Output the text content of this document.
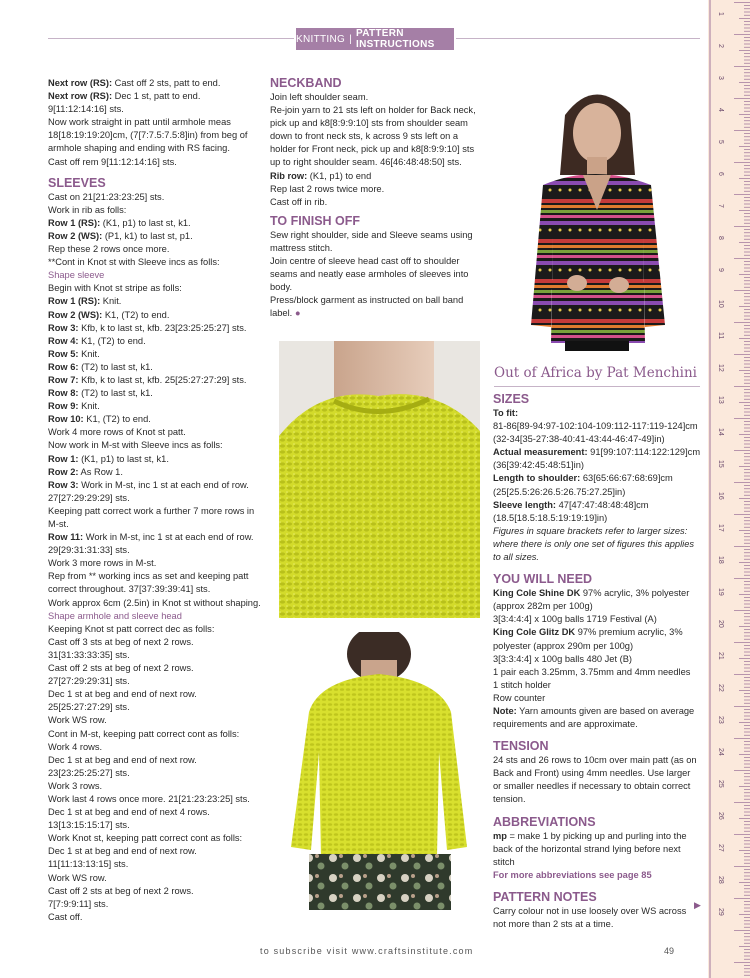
KNITTING | PATTERN INSTRUCTIONS

Next row (RS): Cast off 2 sts, patt to end.

Next row (RS): Dec 1 st, patt to end.

9[11:12:14:16] sts.

Now work straight in patt until armhole meas 18[18:19:19:20]cm, (7[7:7.5:7.5:8]in) from beg of armhole shaping and ending with RS facing.

Cast off rem 9[11:12:14:16] sts.

SLEEVES

Cast on 21[21:23:23:25] sts.

Work in rib as folls:

Row 1 (RS): (K1, p1) to last st, k1.

Row 2 (WS): (P1, k1) to last st, p1.

Rep these 2 rows once more.

**Cont in Knot st with Sleeve incs as folls:

Shape sleeve

Begin with Knot st stripe as folls:

Row 1 (RS): Knit.

Row 2 (WS): K1, (T2) to end.

Row 3: Kfb, k to last st, kfb. 23[23:25:25:27] sts.

Row 4: K1, (T2) to end.

Row 5: Knit.

Row 6: (T2) to last st, k1.

Row 7: Kfb, k to last st, kfb. 25[25:27:27:29] sts.

Row 8: (T2) to last st, k1.

Row 9: Knit.

Row 10: K1, (T2) to end.

Work 4 more rows of Knot st patt.

Now work in M-st with Sleeve incs as folls:

Row 1: (K1, p1) to last st, k1.

Row 2: As Row 1.

Row 3: Work in M-st, inc 1 st at each end of row. 27[27:29:29:29] sts.

Keeping patt correct work a further 7 more rows in M-st.

Row 11: Work in M-st, inc 1 st at each end of row. 29[29:31:31:33] sts.

Work 3 more rows in M-st.

Rep from ** working incs as set and keeping patt correct throughout. 37[37:39:39:41] sts.

Work approx 6cm (2.5in) in Knot st without shaping.

Shape armhole and sleeve head

Keeping Knot st patt correct dec as folls:

Cast off 3 sts at beg of next 2 rows.

31[31:33:33:35] sts.

Cast off 2 sts at beg of next 2 rows.

27[27:29:29:31] sts.

Dec 1 st at beg and end of next row.

25[25:27:27:29] sts.

Work WS row.

Cont in M-st, keeping patt correct cont as folls:

Work 4 rows.

Dec 1 st at beg and end of next row.

23[23:25:25:27] sts.

Work 3 rows.

Work last 4 rows once more. 21[21:23:23:25] sts.

Dec 1 st at beg and end of next 4 rows.

13[13:15:15:17] sts.

Work Knot st, keeping patt correct cont as folls:

Dec 1 st at beg and end of next row.

11[11:13:13:15] sts.

Work WS row.

Cast off 2 sts at beg of next 2 rows.

7[7:9:9:11] sts.

Cast off.

NECKBAND

Join left shoulder seam.

Re-join yarn to 21 sts left on holder for Back neck, pick up and k8[8:9:9:10] sts from shoulder seam down to front neck sts, k across 9 sts left on a holder for Front neck, pick up and k8[8:9:9:10] sts up to right shoulder seam. 46[46:48:48:50] sts.

Rib row: (K1, p1) to end

Rep last 2 rows twice more.

Cast off in rib.

TO FINISH OFF

Sew right shoulder, side and Sleeve seams using mattress stitch.

Join centre of sleeve head cast off to shoulder seams and neatly ease armholes of sleeves into body.

Press/block garment as instructed on ball band label. ●

Out of Africa by Pat Menchini

SIZES

To fit:

81-86[89-94:97-102:104-109:112-117:119-124]cm (32-34[35-27:38-40:41-43:44-46:47-49]in)

Actual measurement: 91[99:107:114:122:129]cm (36[39:42:45:48:51]in)

Length to shoulder: 63[65:66:67:68:69]cm (25[25.5:26:26.5:26.75:27.25]in)

Sleeve length: 47[47:47:48:48:48]cm (18.5[18.5:18.5:19:19:19]in)

Figures in square brackets refer to larger sizes: where there is only one set of figures this applies to all sizes.

YOU WILL NEED

King Cole Shine DK 97% acrylic, 3% polyester (approx 282m per 100g)

3[3:4:4:4] x 100g balls 1719 Festival (A)

King Cole Glitz DK 97% premium acrylic, 3% polyester (approx 290m per 100g)

3[3:3:4:4] x 100g balls 480 Jet (B)

1 pair each 3.25mm, 3.75mm and 4mm needles

1 stitch holder

Row counter

Note: Yarn amounts given are based on average requirements and are approximate.

TENSION

24 sts and 26 rows to 10cm over main patt (as on Back and Front) using 4mm needles. Use larger or smaller needles if necessary to obtain correct tension.

ABBREVIATIONS

mp = make 1 by picking up and purling into the back of the horizontal strand lying before next stitch

For more abbreviations see page 85

PATTERN NOTES

Carry colour not in use loosely over WS across not more than 2 sts at a time.

▶
to subscribe visit www.craftsinstitute.com	49
1
2
3
4
5
6
7
8
9
10
11
12
13
14
15
16
17
18
19
20
21
22
23
24
25
26
27
28
29
